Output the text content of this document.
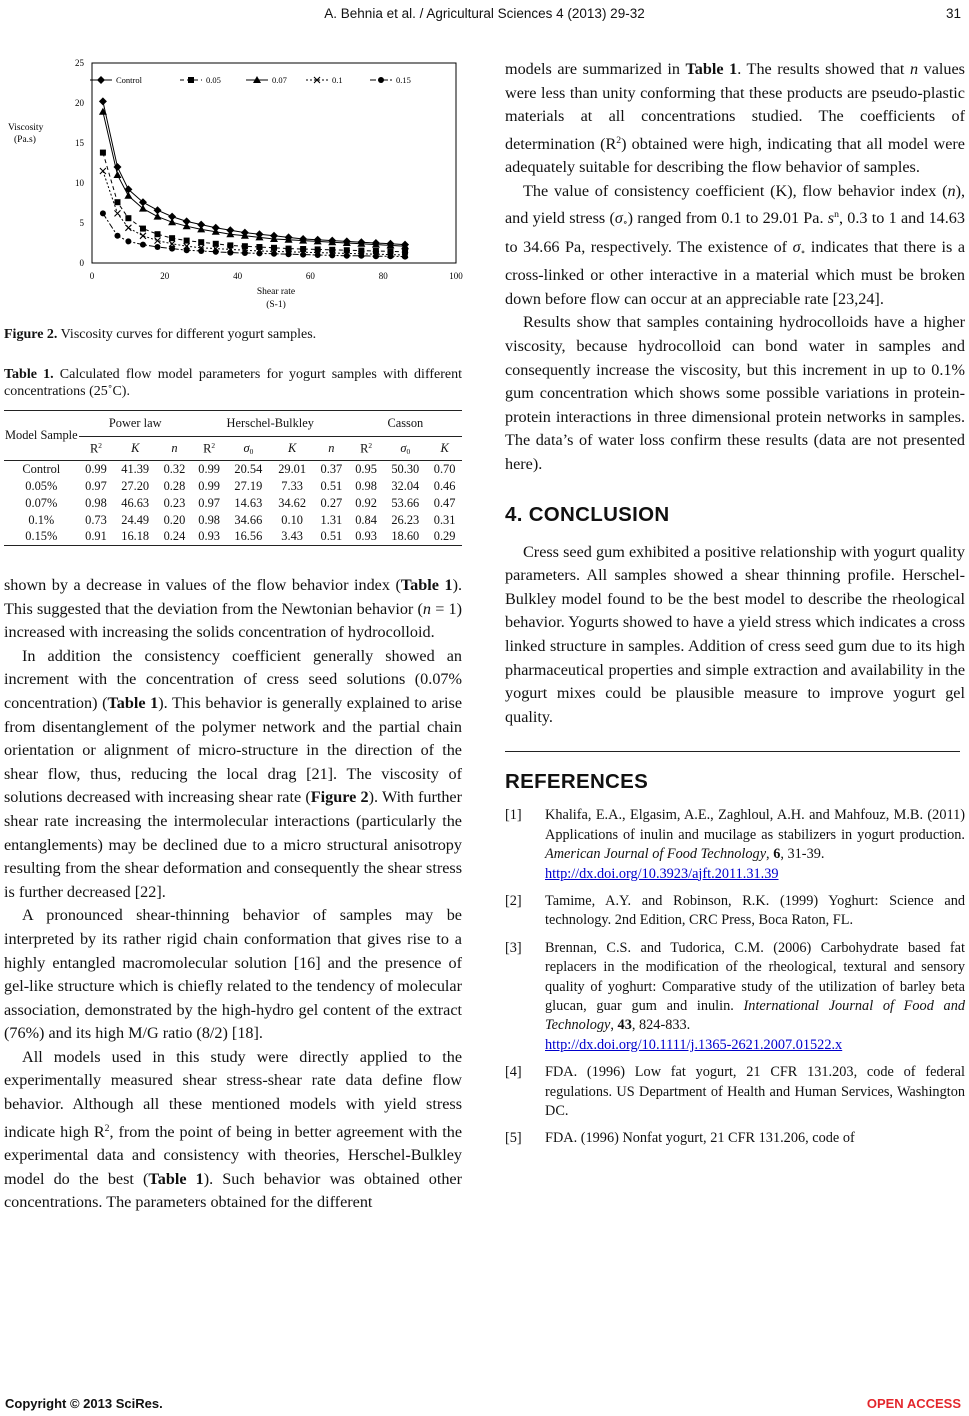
A. Behnia et al. / Agricultural Sciences 4 (2013) 29-32	31
0
5
10
15
20
25
0	20	40	60	80	100
Viscosity
(Pa.s)
Shear rate
(S-1)
Control	0.05	0.07	0.1	0.15
Figure 2. Viscosity curves for different yogurt samples.
Table 1. Calculated flow model parameters for yogurt samples with different concentrations (25˚C).
Model Sample	Power law			Herschel-Bulkley				Casson		
	$R^2$	K	n	$R^2$	$\sigma_0$	K	n	$R^2$	$\sigma_0$	K
Control	0.99	41.39	0.32	0.99	20.54	29.01	0.37	0.95	50.30	0.70
0.05%	0.97	27.20	0.28	0.99	27.19	7.33	0.51	0.98	32.04	0.46
0.07%	0.98	46.63	0.23	0.97	14.63	34.62	0.27	0.92	53.66	0.47
0.1%	0.73	24.49	0.20	0.98	34.66	0.10	1.31	0.84	26.23	0.31
0.15%	0.91	16.18	0.24	0.93	16.56	3.43	0.51	0.93	18.60	0.29

shown by a decrease in values of the flow behavior index (Table 1). This suggested that the deviation from the Newtonian behavior (n = 1) increased with increasing the solids concentration of hydrocolloid.

In addition the consistency coefficient generally showed an increment with the concentration of cress seed solutions (0.07% concentration) (Table 1). This behavior is generally explained to arise from disentanglement of the polymer network and the partial chain orientation or alignment of micro-structure in the direction of the shear flow, thus, reducing the local drag [21]. The viscosity of solutions decreased with increasing shear rate (Figure 2). With further shear rate increasing the intermolecular interactions (particularly the entanglements) may be declined due to a micro structural anisotropy resulting from the shear deformation and consequently the shear stress is further decreased [22].

A pronounced shear-thinning behavior of samples may be interpreted by its rather rigid chain conformation that gives rise to a highly entangled macromolecular solution [16] and the presence of gel-like structure which is chiefly related to the tendency of molecular association, demonstrated by the high-hydro gel content of the extract (76%) and its high M/G ratio (8/2) [18].

All models used in this study were directly applied to the experimentally measured shear stress-shear rate data define flow behavior. Although all these mentioned models with yield stress indicate high $R^2$, from the point of being in better agreement with the experimental data and consistency with theories, Herschel-Bulkley model do the best (Table 1). Such behavior was obtained other concentrations. The parameters obtained for the different

models are summarized in Table 1. The results showed that n values were less than unity conforming that these products are pseudo-plastic materials at all concentrations studied. The coefficients of determination $(R^2)$ obtained were high, indicating that all model were adequately suitable for describing the flow behavior of samples.

The value of consistency coefficient (K), flow behavior index (n), and yield stress $(\sigma_\circ)$ ranged from 0.1 to 29.01 Pa. $s^n$, 0.3 to 1 and 14.63 to 34.66 Pa, respectively. The existence of $\sigma_\circ$ indicates that there is a cross-linked or other interactive in a material which must be broken down before flow can occur at an appreciable rate [23,24].

Results show that samples containing hydrocolloids have a higher viscosity, because hydrocolloid can bond water in samples and consequently increase the viscosity, but this increment in up to 0.1% gum concentration which shows some possible variations in protein-protein interactions in three dimensional protein networks in samples. The data’s of water loss confirm these results (data are not presented here).

4. CONCLUSION

Cress seed gum exhibited a positive relationship with yogurt quality parameters. All samples showed a shear thinning profile. Herschel-Bulkley model found to be the best model to describe the rheological behavior. Yogurts showed to have a yield stress which indicates a cross linked structure in samples. Addition of cress seed gum due to its high pharmaceutical properties and simple extraction and availability in the yogurt mixes could be plausible measure to improve yogurt gel quality.

REFERENCES
[1]	Khalifa, E.A., Elgasim, A.E., Zaghloul, A.H. and Mahfouz, M.B. (2011) Applications of inulin and mucilage as stabilizers in yogurt production. American Journal of Food Technology, 6, 31-39.
http://dx.doi.org/10.3923/ajft.2011.31.39
[2]	Tamime, A.Y. and Robinson, R.K. (1999) Yoghurt: Science and technology. 2nd Edition, CRC Press, Boca Raton, FL.
[3]	Brennan, C.S. and Tudorica, C.M. (2006) Carbohydrate based fat replacers in the modification of the rheological, textural and sensory quality of yoghurt: Comparative study of the utilization of barley beta glucan, guar gum and inulin. International Journal of Food and Technology, 43, 824-833.
http://dx.doi.org/10.1111/j.1365-2621.2007.01522.x
[4]	FDA. (1996) Low fat yogurt, 21 CFR 131.203, code of federal regulations. US Department of Health and Human Services, Washington DC.
[5]	FDA. (1996) Nonfat yogurt, 21 CFR 131.206, code of
Copyright © 2013 SciRes.	OPEN ACCESS
